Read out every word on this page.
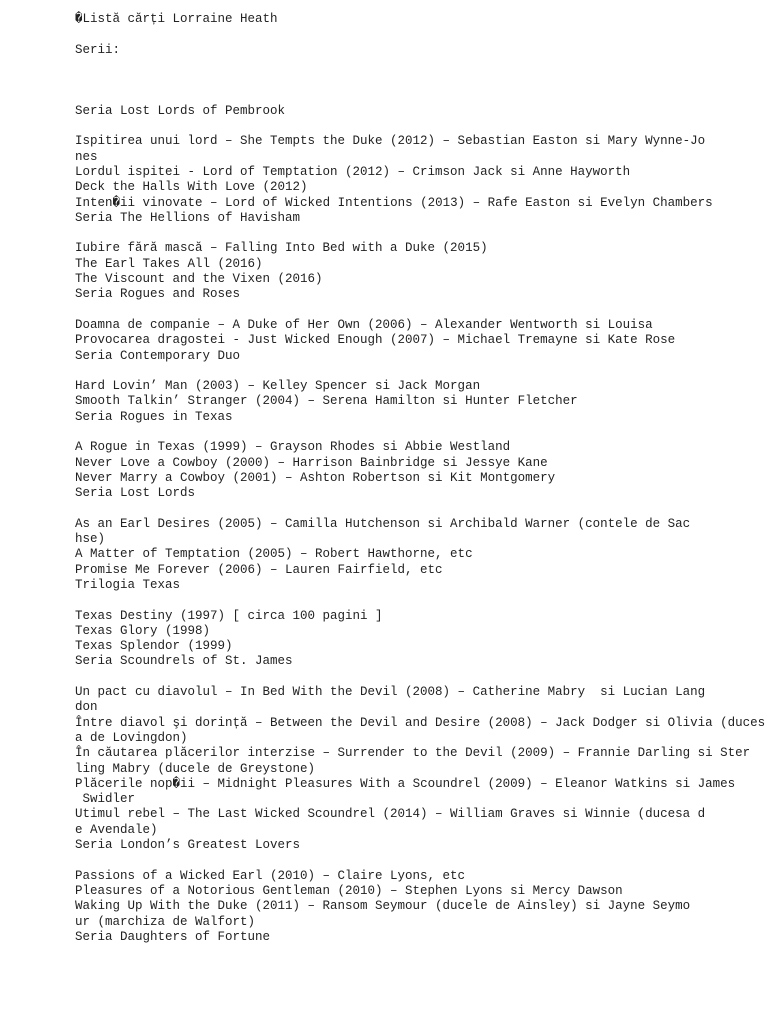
�Listă cărți Lorraine Heath
Serii:
Seria Lost Lords of Pembrook
Ispitirea unui lord – She Tempts the Duke (2012) – Sebastian Easton si Mary Wynne-Jo
nes
Lordul ispitei - Lord of Temptation (2012) – Crimson Jack si Anne Hayworth
Deck the Halls With Love (2012)
Inten�ii vinovate – Lord of Wicked Intentions (2013) – Rafe Easton si Evelyn Chambers
Seria The Hellions of Havisham
Iubire fără mască – Falling Into Bed with a Duke (2015)
The Earl Takes All (2016)
The Viscount and the Vixen (2016)
Seria Rogues and Roses
Doamna de companie – A Duke of Her Own (2006) – Alexander Wentworth si Louisa
Provocarea dragostei - Just Wicked Enough (2007) – Michael Tremayne si Kate Rose
Seria Contemporary Duo
Hard Lovin’ Man (2003) – Kelley Spencer si Jack Morgan
Smooth Talkin’ Stranger (2004) – Serena Hamilton si Hunter Fletcher
Seria Rogues in Texas
A Rogue in Texas (1999) – Grayson Rhodes si Abbie Westland
Never Love a Cowboy (2000) – Harrison Bainbridge si Jessye Kane
Never Marry a Cowboy (2001) – Ashton Robertson si Kit Montgomery
Seria Lost Lords
As an Earl Desires (2005) – Camilla Hutchenson si Archibald Warner (contele de Sac
hse)
A Matter of Temptation (2005) – Robert Hawthorne, etc
Promise Me Forever (2006) – Lauren Fairfield, etc
Trilogia Texas
Texas Destiny (1997) [ circa 100 pagini ]
Texas Glory (1998)
Texas Splendor (1999)
Seria Scoundrels of St. James
Un pact cu diavolul – In Bed With the Devil (2008) – Catherine Mabry  si Lucian Lang
don
Între diavol şi dorință – Between the Devil and Desire (2008) – Jack Dodger si Olivia (duces
a de Lovingdon)
În căutarea plăcerilor interzise – Surrender to the Devil (2009) – Frannie Darling si Ster
ling Mabry (ducele de Greystone)
Plăcerile nop�ii – Midnight Pleasures With a Scoundrel (2009) – Eleanor Watkins si James
Swidler
Utimul rebel – The Last Wicked Scoundrel (2014) – William Graves si Winnie (ducesa d
e Avendale)
Seria London’s Greatest Lovers
Passions of a Wicked Earl (2010) – Claire Lyons, etc
Pleasures of a Notorious Gentleman (2010) – Stephen Lyons si Mercy Dawson
Waking Up With the Duke (2011) – Ransom Seymour (ducele de Ainsley) si Jayne Seymo
ur (marchiza de Walfort)
Seria Daughters of Fortune
